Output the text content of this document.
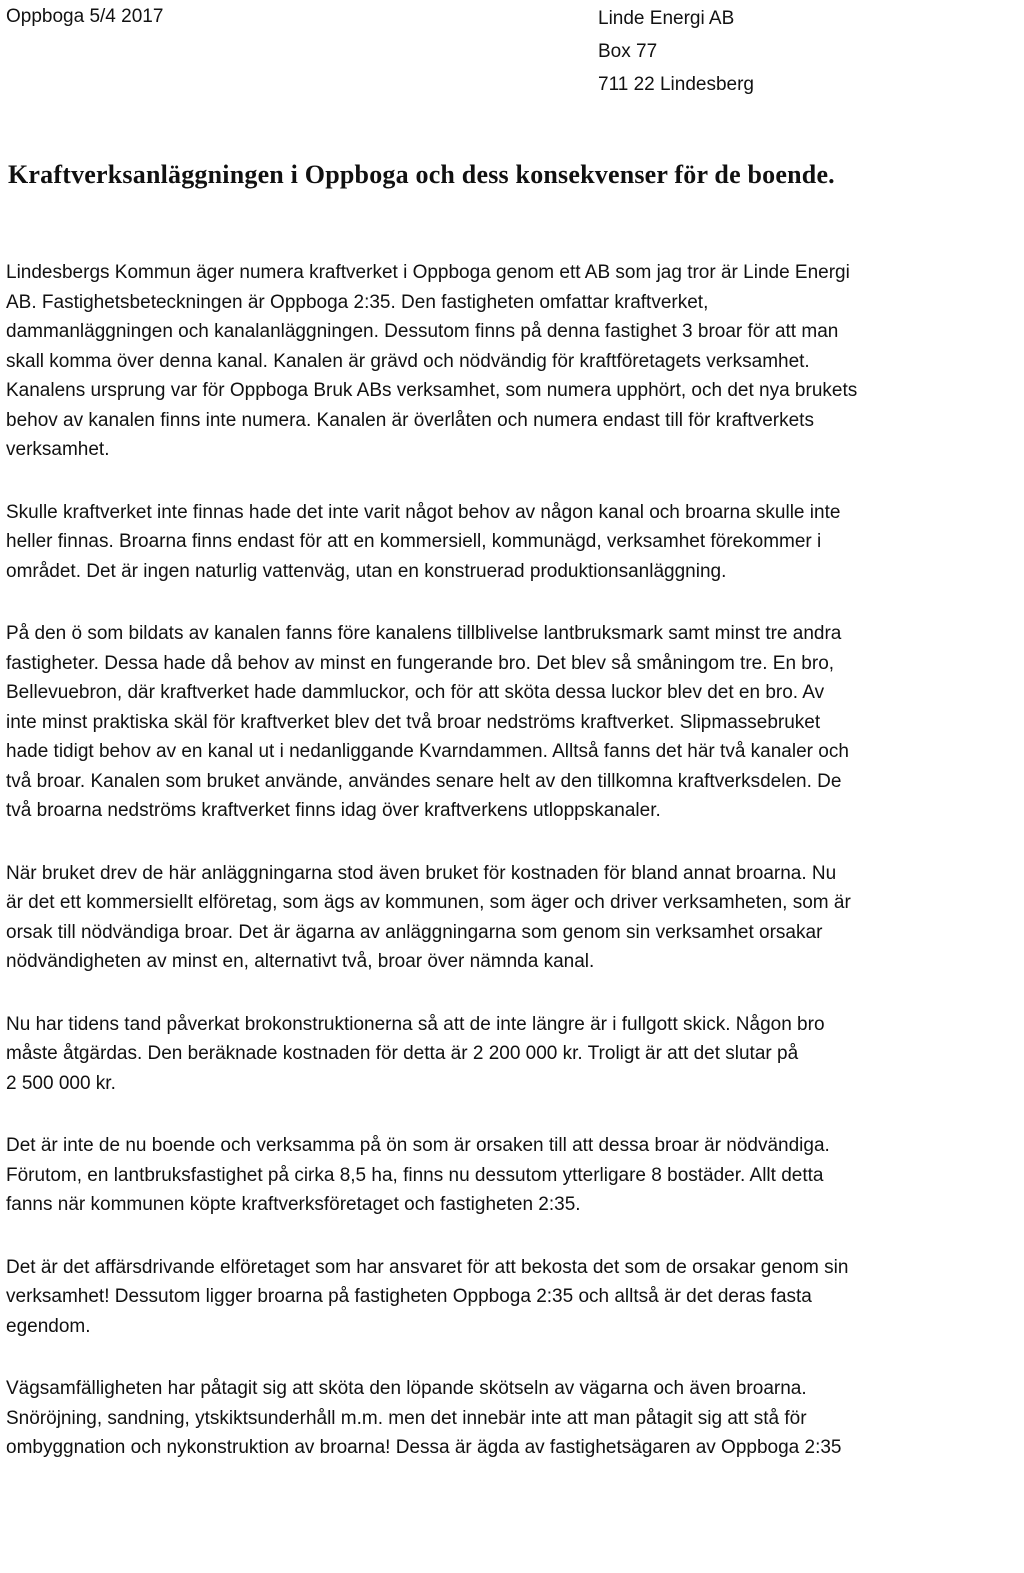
Oppboga 5/4 2017	Linde Energi AB
Box 77
711 22 Lindesberg
Kraftverksanläggningen i Oppboga och dess konsekvenser för de boende.
Lindesbergs Kommun äger numera kraftverket i Oppboga genom ett AB som jag tror är Linde Energi
AB. Fastighetsbeteckningen är Oppboga 2:35. Den fastigheten omfattar kraftverket,
dammanläggningen och kanalanläggningen. Dessutom finns på denna fastighet 3 broar för att man
skall komma över denna kanal. Kanalen är grävd och nödvändig för kraftföretagets verksamhet.
Kanalens ursprung var för Oppboga Bruk ABs verksamhet, som numera upphört, och det nya brukets
behov av kanalen finns inte numera. Kanalen är överlåten och numera endast till för kraftverkets
verksamhet.
Skulle kraftverket inte finnas hade det inte varit något behov av någon kanal och broarna skulle inte
heller finnas. Broarna finns endast för att en kommersiell, kommunägd, verksamhet förekommer i
området. Det är ingen naturlig vattenväg, utan en konstruerad produktionsanläggning.
På den ö som bildats av kanalen fanns före kanalens tillblivelse lantbruksmark samt minst tre andra
fastigheter. Dessa hade då behov av minst en fungerande bro. Det blev så småningom tre. En bro,
Bellevuebron, där kraftverket hade dammluckor, och för att sköta dessa luckor blev det en bro. Av
inte minst praktiska skäl för kraftverket blev det två broar nedströms kraftverket. Slipmassebruket
hade tidigt behov av en kanal ut i nedanliggande Kvarndammen. Alltså fanns det här två kanaler och
två broar. Kanalen som bruket använde, användes senare helt av den tillkomna kraftverksdelen. De
två broarna nedströms kraftverket finns idag över kraftverkens utloppskanaler.
När bruket drev de här anläggningarna stod även bruket för kostnaden för bland annat broarna. Nu
är det ett kommersiellt elföretag, som ägs av kommunen, som äger och driver verksamheten, som är
orsak till nödvändiga broar. Det är ägarna av anläggningarna som genom sin verksamhet orsakar
nödvändigheten av minst en, alternativt två, broar över nämnda kanal.
Nu har tidens tand påverkat brokonstruktionerna så att de inte längre är i fullgott skick. Någon bro
måste åtgärdas. Den beräknade kostnaden för detta är 2 200 000 kr. Troligt är att det slutar på
2 500 000 kr.
Det är inte de nu boende och verksamma på ön som är orsaken till att dessa broar är nödvändiga.
Förutom, en lantbruksfastighet på cirka 8,5 ha, finns nu dessutom ytterligare 8 bostäder. Allt detta
fanns när kommunen köpte kraftverksföretaget och fastigheten 2:35.
Det är det affärsdrivande elföretaget som har ansvaret för att bekosta det som de orsakar genom sin
verksamhet! Dessutom ligger broarna på fastigheten Oppboga 2:35 och alltså är det deras fasta
egendom.
Vägsamfälligheten har påtagit sig att sköta den löpande skötseln av vägarna och även broarna.
Snöröjning, sandning, ytskiktsunderhåll m.m. men det innebär inte att man påtagit sig att stå för
ombyggnation och nykonstruktion av broarna! Dessa är ägda av fastighetsägaren av Oppboga 2:35
